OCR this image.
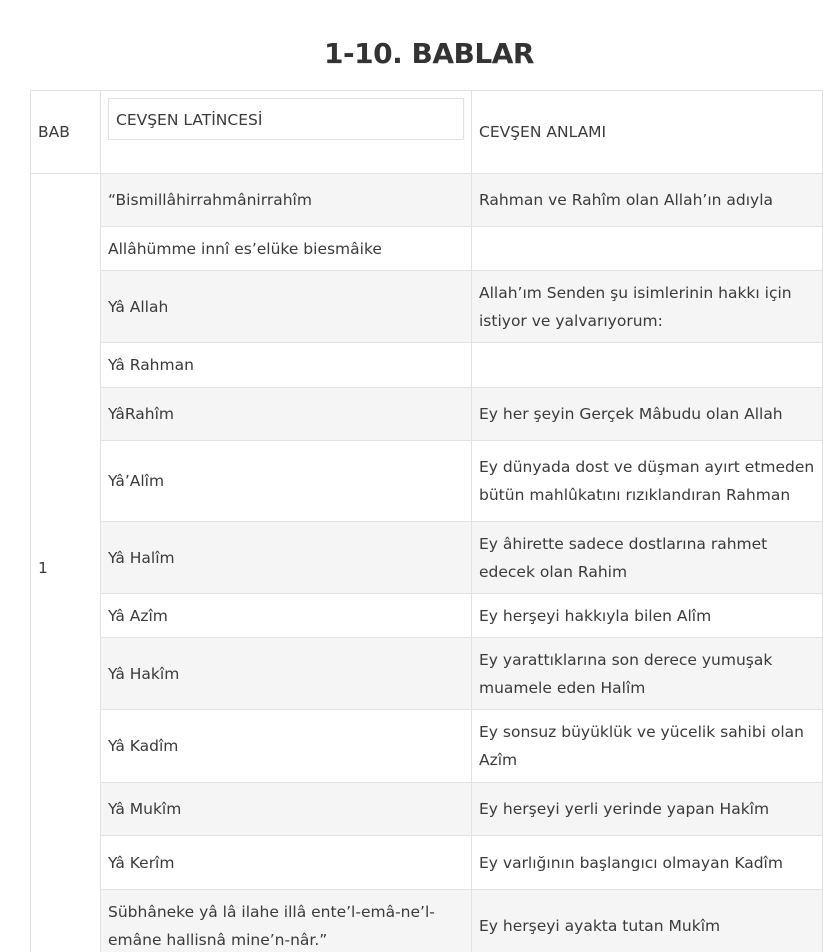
1-10. BABLAR
BAB	CEVŞEN LATİNCESİ	CEVŞEN ANLAMI
1	“Bismillâhirrahmânirrahîm	Rahman ve Rahîm olan Allah’ın adıyla
	Allâhümme innî es’elüke biesmâike	
	Yâ Allah	Allah’ım Senden şu isimlerinin hakkı için istiyor ve yalvarıyorum:
	Yâ Rahman	
	YâRahîm	Ey her şeyin Gerçek Mâbudu olan Allah
	Yâ’Alîm	Ey dünyada dost ve düşman ayırt etmeden bütün mahlûkatını rızıklandıran Rahman
	Yâ Halîm	Ey âhirette sadece dostlarına rahmet edecek olan Rahim
	Yâ Azîm	Ey herşeyi hakkıyla bilen Alîm
	Yâ Hakîm	Ey yarattıklarına son derece yumuşak muamele eden Halîm
	Yâ Kadîm	Ey sonsuz büyüklük ve yücelik sahibi olan Azîm
	Yâ Mukîm	Ey herşeyi yerli yerinde yapan Hakîm
	Yâ Kerîm	Ey varlığının başlangıcı olmayan Kadîm
	Sübhâneke yâ lâ ilahe illâ ente’l-emâ-ne’l-emâne hallisnâ mine’n-nâr.”	Ey herşeyi ayakta tutan Mukîm
